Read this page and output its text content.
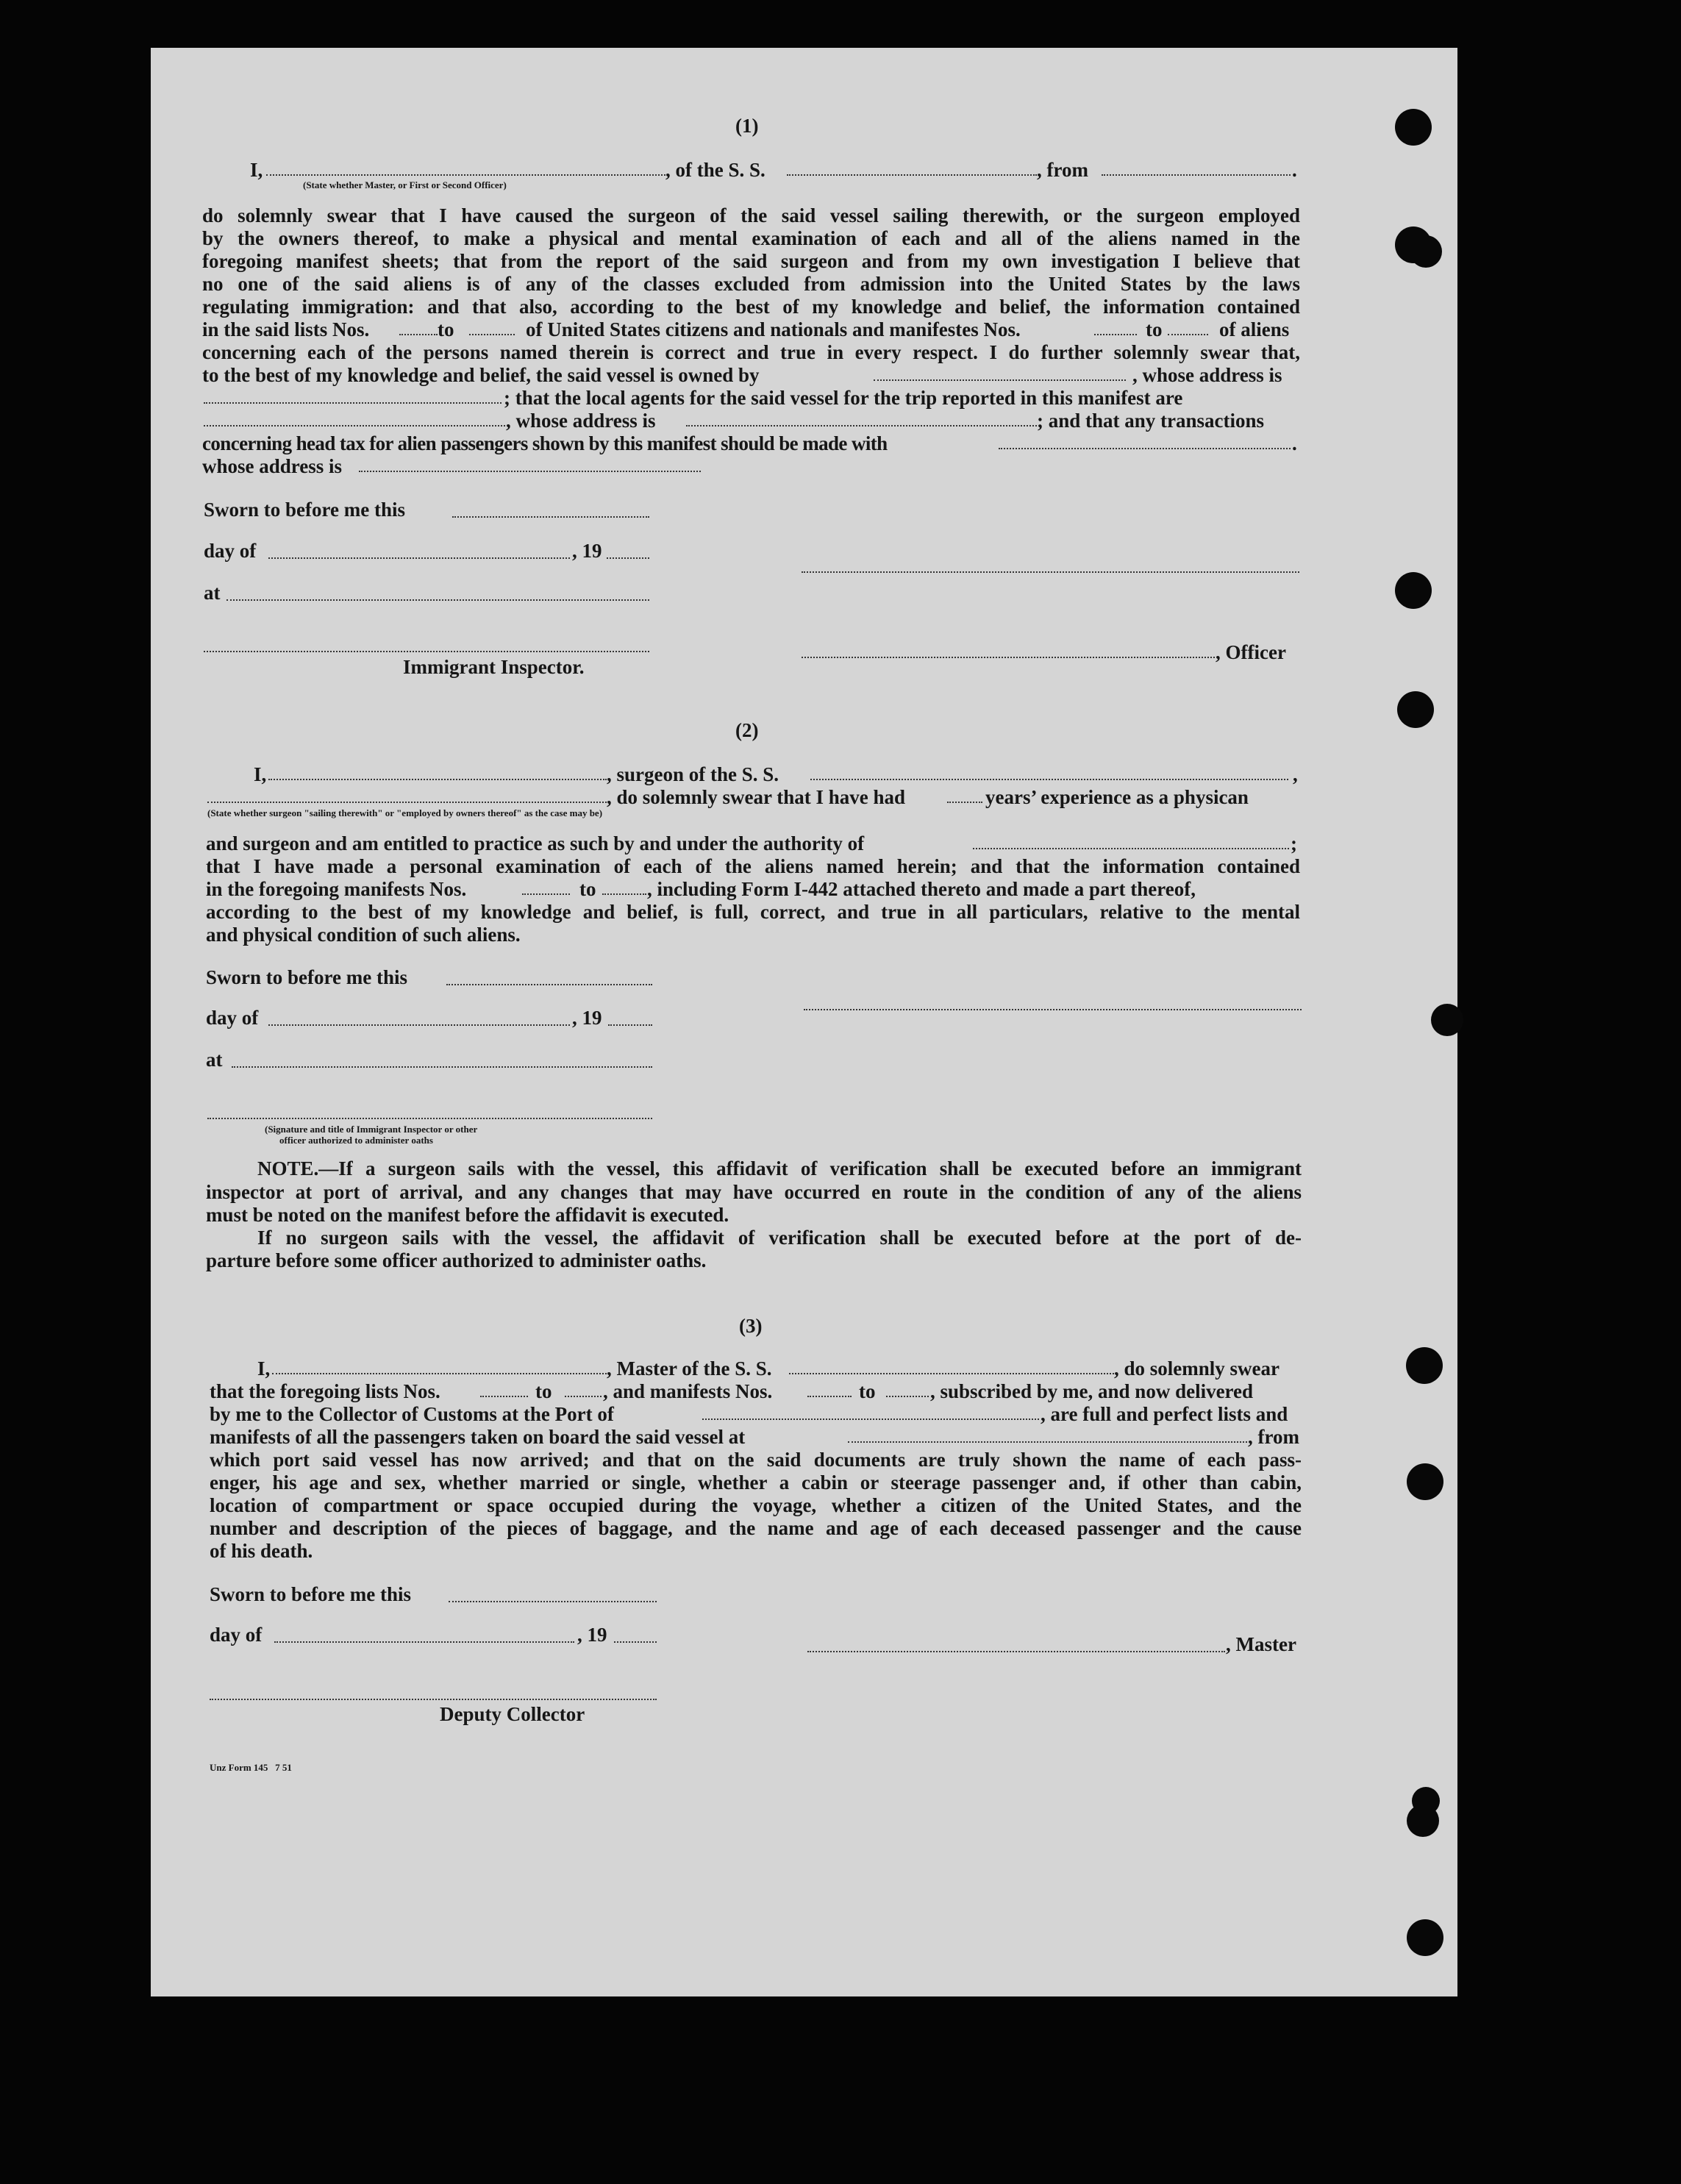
(1)
I,	, of the S. S.	, from	.
(State whether Master, or First or Second Officer)
do solemnly swear that I have caused the surgeon of the said vessel sailing therewith, or the surgeon employed
by the owners thereof, to make a physical and mental examination of each and all of the aliens named in the
foregoing manifest sheets; that from the report of the said surgeon and from my own investigation I believe that
no one of the said aliens is of any of the classes excluded from admission into the United States by the laws
regulating immigration: and that also, according to the best of my knowledge and belief, the information contained
in the said lists Nos.	to	of United States citizens and nationals and manifestes Nos.	to	of aliens
concerning each of the persons named therein is correct and true in every respect. I do further solemnly swear that,
to the best of my knowledge and belief, the said vessel is owned by	, whose address is
; that the local agents for the said vessel for the trip reported in this manifest are
, whose address is	; and that any transactions
concerning head tax for alien passengers shown by this manifest should be made with	.
whose address is
Sworn to before me this
day of	, 19
at
, Officer
Immigrant Inspector.
(2)
I,	, surgeon of the S. S.	,
, do solemnly swear that I have had	years’ experience as a physican
(State whether surgeon "sailing therewith" or "employed by owners thereof" as the case may be)
and surgeon and am entitled to practice as such by and under the authority of	;
that I have made a personal examination of each of the aliens named herein; and that the information contained
in the foregoing manifests Nos.	to	, including Form I-442 attached thereto and made a part thereof,
according to the best of my knowledge and belief, is full, correct, and true in all particulars, relative to the mental
and physical condition of such aliens.
Sworn to before me this
day of	, 19
at
(Signature and title of Immigrant Inspector or other
officer authorized to administer oaths
NOTE.—If a surgeon sails with the vessel, this affidavit of verification shall be executed before an immigrant
inspector at port of arrival, and any changes that may have occurred en route in the condition of any of the aliens
must be noted on the manifest before the affidavit is executed.
If no surgeon sails with the vessel, the affidavit of verification shall be executed before at the port of de-
parture before some officer authorized to administer oaths.
(3)
I,	, Master of the S. S.	, do solemnly swear
that the foregoing lists Nos.	to	, and manifests Nos.	to	, subscribed by me, and now delivered
by me to the Collector of Customs at the Port of	, are full and perfect lists and
manifests of all the passengers taken on board the said vessel at	, from
which port said vessel has now arrived; and that on the said documents are truly shown the name of each pass-
enger, his age and sex, whether married or single, whether a cabin or steerage passenger and, if other than cabin,
location of compartment or space occupied during the voyage, whether a citizen of the United States, and the
number and description of the pieces of baggage, and the name and age of each deceased passenger and the cause
of his death.
Sworn to before me this
day of	, 19	, Master
Deputy Collector
Unz Form 145   7 51
